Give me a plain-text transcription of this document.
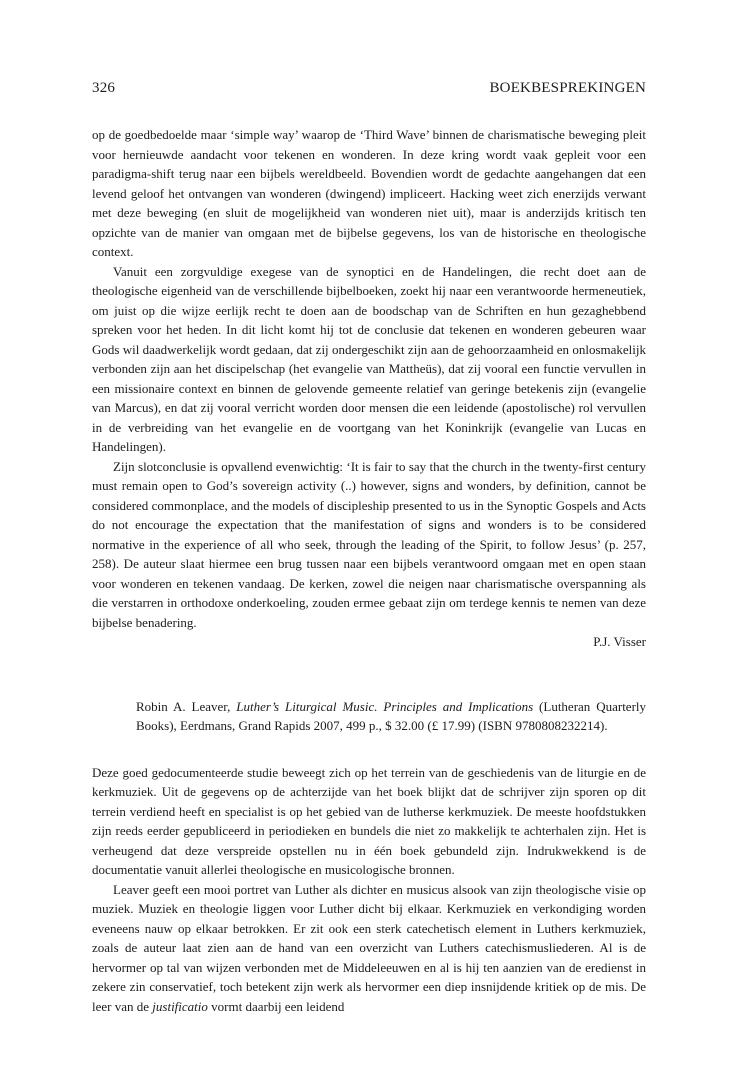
326	BOEKBESPREKINGEN

op de goedbedoelde maar ‘simple way’ waarop de ‘Third Wave’ binnen de charismatische beweging pleit voor hernieuwde aandacht voor tekenen en wonderen. In deze kring wordt vaak gepleit voor een paradigma-shift terug naar een bijbels wereldbeeld. Bovendien wordt de gedachte aangehangen dat een levend geloof het ontvangen van wonderen (dwingend) impliceert. Hacking weet zich enerzijds verwant met deze beweging (en sluit de mogelijkheid van wonderen niet uit), maar is anderzijds kritisch ten opzichte van de manier van omgaan met de bijbelse gegevens, los van de historische en theologische context.

Vanuit een zorgvuldige exegese van de synoptici en de Handelingen, die recht doet aan de theologische eigenheid van de verschillende bijbelboeken, zoekt hij naar een verantwoorde hermeneutiek, om juist op die wijze eerlijk recht te doen aan de boodschap van de Schriften en hun gezaghebbend spreken voor het heden. In dit licht komt hij tot de conclusie dat tekenen en wonderen gebeuren waar Gods wil daadwerkelijk wordt gedaan, dat zij ondergeschikt zijn aan de gehoorzaamheid en onlosmakelijk verbonden zijn aan het discipelschap (het evangelie van Mattheüs), dat zij vooral een functie vervullen in een missionaire context en binnen de gelovende gemeente relatief van geringe betekenis zijn (evangelie van Marcus), en dat zij vooral verricht worden door mensen die een leidende (apostolische) rol vervullen in de verbreiding van het evangelie en de voortgang van het Koninkrijk (evangelie van Lucas en Handelingen).

Zijn slotconclusie is opvallend evenwichtig: ‘It is fair to say that the church in the twenty-first century must remain open to God’s sovereign activity (..) however, signs and wonders, by definition, cannot be considered commonplace, and the models of discipleship presented to us in the Synoptic Gospels and Acts do not encourage the expectation that the manifestation of signs and wonders is to be considered normative in the experience of all who seek, through the leading of the Spirit, to follow Jesus’ (p. 257, 258). De auteur slaat hiermee een brug tussen naar een bijbels verantwoord omgaan met en open staan voor wonderen en tekenen vandaag. De kerken, zowel die neigen naar charismatische overspanning als die verstarren in orthodoxe onderkoeling, zouden ermee gebaat zijn om terdege kennis te nemen van deze bijbelse benadering.

P.J. Visser

Robin A. Leaver, Luther’s Liturgical Music. Principles and Implications (Lutheran Quarterly Books), Eerdmans, Grand Rapids 2007, 499 p., $ 32.00 (£ 17.99) (ISBN 9780808232214).

Deze goed gedocumenteerde studie beweegt zich op het terrein van de geschiedenis van de liturgie en de kerkmuziek. Uit de gegevens op de achterzijde van het boek blijkt dat de schrijver zijn sporen op dit terrein verdiend heeft en specialist is op het gebied van de lutherse kerkmuziek. De meeste hoofdstukken zijn reeds eerder gepubliceerd in periodieken en bundels die niet zo makkelijk te achterhalen zijn. Het is verheugend dat deze verspreide opstellen nu in één boek gebundeld zijn. Indrukwekkend is de documentatie vanuit allerlei theologische en musicologische bronnen.

Leaver geeft een mooi portret van Luther als dichter en musicus alsook van zijn theologische visie op muziek. Muziek en theologie liggen voor Luther dicht bij elkaar. Kerkmuziek en verkondiging worden eveneens nauw op elkaar betrokken. Er zit ook een sterk catechetisch element in Luthers kerkmuziek, zoals de auteur laat zien aan de hand van een overzicht van Luthers catechismusliederen. Al is de hervormer op tal van wijzen verbonden met de Middeleeuwen en al is hij ten aanzien van de eredienst in zekere zin conservatief, toch betekent zijn werk als hervormer een diep insnijdende kritiek op de mis. De leer van de justificatio vormt daarbij een leidend
